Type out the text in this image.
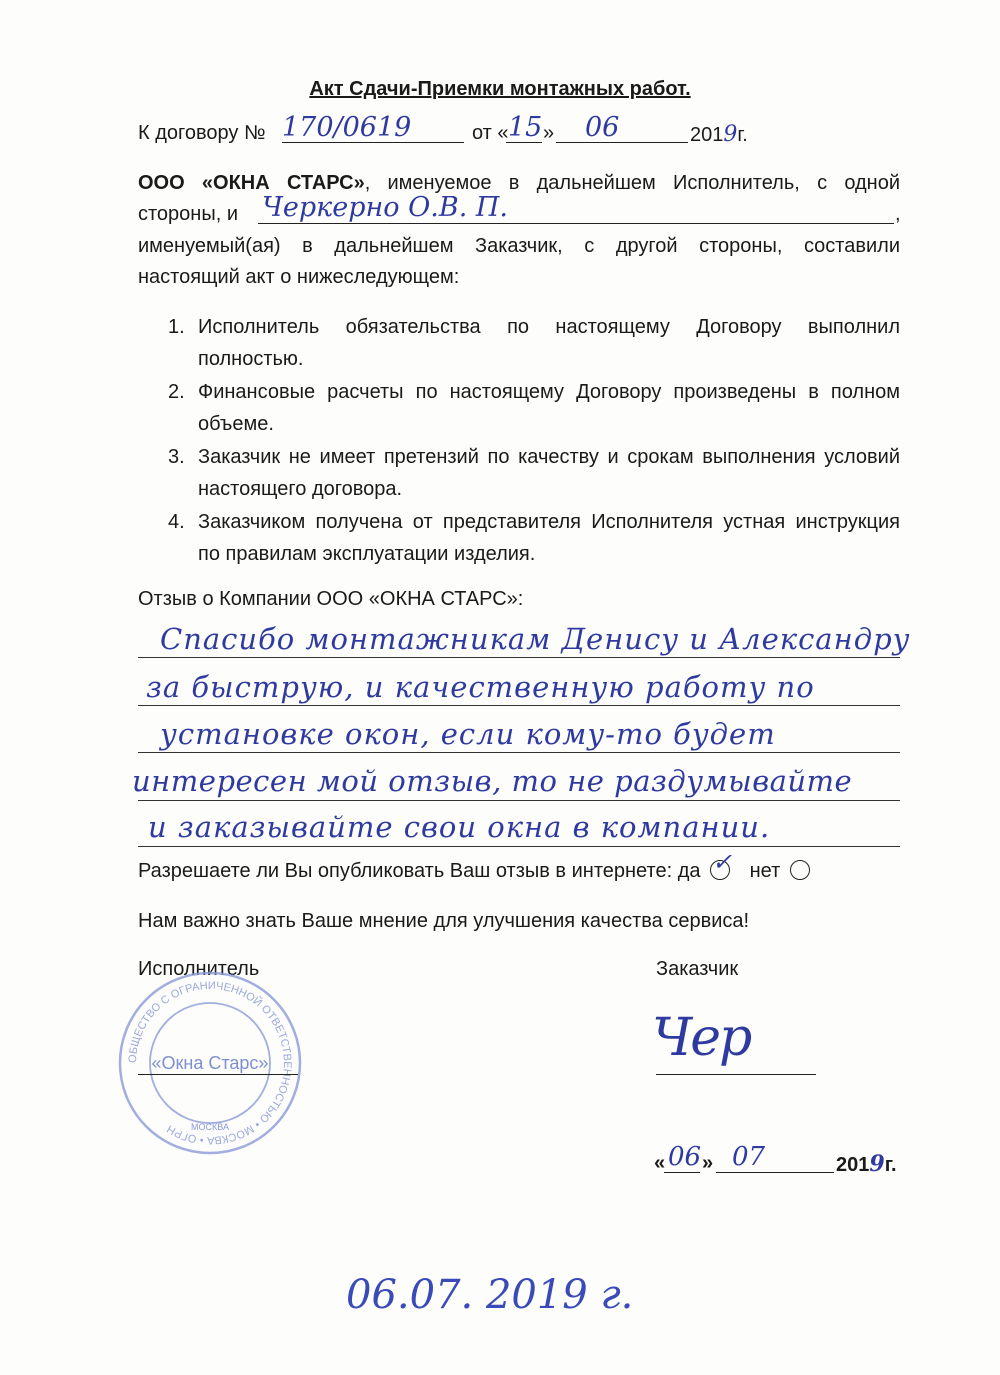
Акт Сдачи-Приемки монтажных работ.
К договору № 170/0619	от « 15 » 06	2019г.
ООО «ОКНА СТАРС», именуемое в дальнейшем Исполнитель, с одной
стороны, и Черкерно О.В. П.	,
именуемый(ая) в дальнейшем Заказчик, с другой стороны, составили
настоящий акт о нижеследующем:
1. Исполнитель обязательства по настоящему Договору выполнил
полностью.
2. Финансовые расчеты по настоящему Договору произведены в полном
объеме.
3. Заказчик не имеет претензий по качеству и срокам выполнения условий
настоящего договора.
4. Заказчиком получена от представителя Исполнителя устная инструкция
по правилам эксплуатации изделия.
Отзыв о Компании ООО «ОКНА СТАРС»:
Спасибо монтажникам Денису и Александру
за быструю, и качественную работу по
установке окон, если кому-то будет
интересен мой отзыв, то не раздумывайте
и заказывайте свои окна в компании.
Разрешаете ли Вы опубликовать Ваш отзыв в интернете: да ✓ нет
Нам важно знать Ваше мнение для улучшения качества сервиса!
Исполнитель	Заказчик
ОБЩЕСТВО С ОГРАНИЧЕННОЙ ОТВЕТСТВЕННОСТЬЮ • МОСКВА • ОГРН
«Окна Старс»
МОСКВА
Чер
« 06 » 07	2019г.
06.07. 2019 г.
